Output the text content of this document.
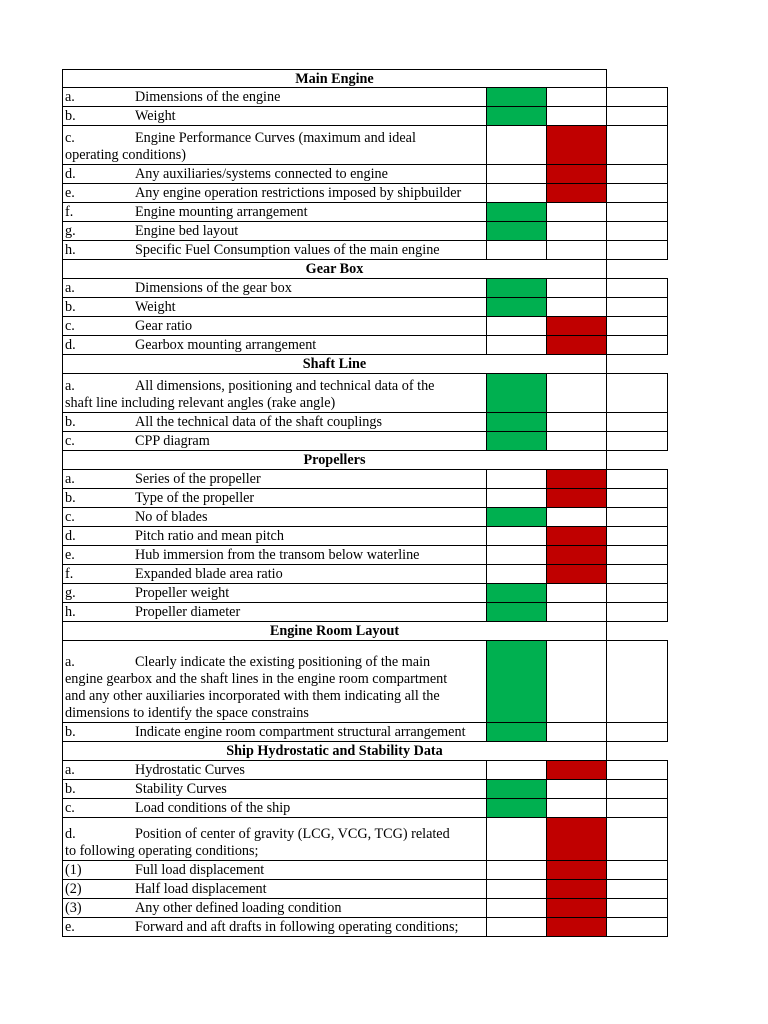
Main Engine
a.	Dimensions of the engine
b.	Weight
c.	Engine Performance Curves (maximum and ideal
operating conditions)
d.	Any auxiliaries/systems connected to engine
e.	Any engine operation restrictions imposed by shipbuilder
f.	Engine mounting arrangement
g.	Engine bed layout
h.	Specific Fuel Consumption values of the main engine
Gear Box
a.	Dimensions of the gear box
b.	Weight
c.	Gear ratio
d.	Gearbox mounting arrangement
Shaft Line
a.	All dimensions, positioning and technical data of the
shaft line including relevant angles (rake angle)
b.	All the technical data of the shaft couplings
c.	CPP diagram
Propellers
a.	Series of the propeller
b.	Type of the propeller
c.	No of blades
d.	Pitch ratio and mean pitch
e.	Hub immersion from the transom below waterline
f.	Expanded blade area ratio
g.	Propeller weight
h.	Propeller diameter
Engine Room Layout
a.	Clearly indicate the existing positioning of the main
engine gearbox and the shaft lines in the engine room compartment
and any other auxiliaries incorporated with them indicating all the
dimensions to identify the space constrains
b.	Indicate engine room compartment structural arrangement
Ship Hydrostatic and Stability Data
a.	Hydrostatic Curves
b.	Stability Curves
c.	Load conditions of the ship
d.	Position of center of gravity (LCG, VCG, TCG) related
to following operating conditions;
(1)	Full load displacement
(2)	Half load displacement
(3)	Any other defined loading condition
e.	Forward and aft drafts in following operating conditions;
